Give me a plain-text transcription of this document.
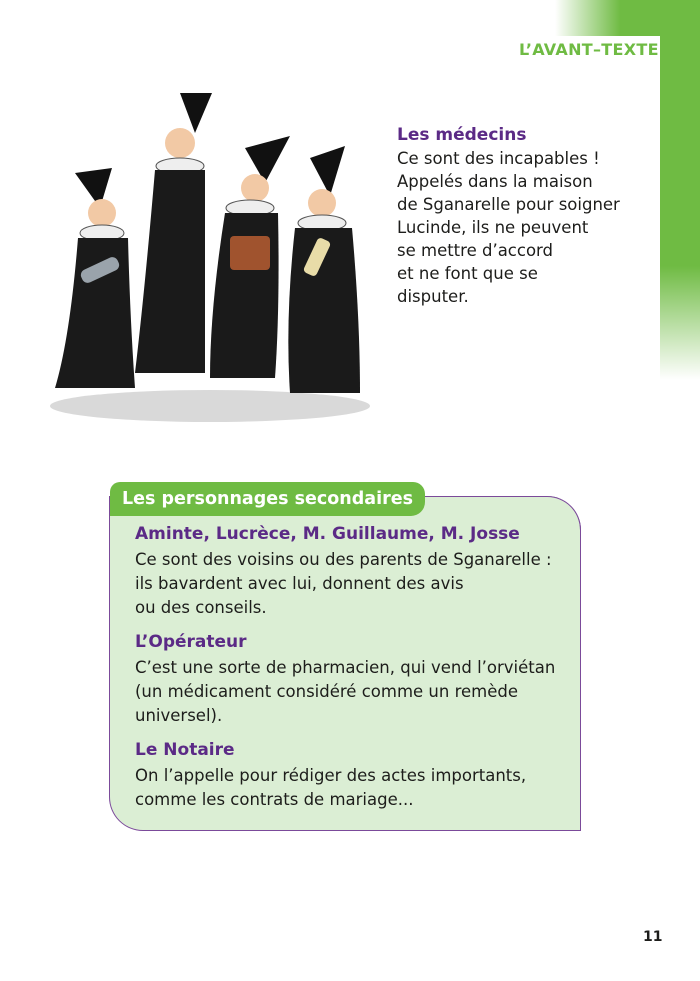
L’AVANT–TEXTE
Les médecins
Ce sont des incapables !
Appelés dans la maison
de Sganarelle pour soigner
Lucinde, ils ne peuvent
se mettre d’accord
et ne font que se
disputer.
Les personnages secondaires
Aminte, Lucrèce, M. Guillaume, M. Josse

Ce sont des voisins ou des parents de Sganarelle :

ils bavardent avec lui, donnent des avis

ou des conseils.

L’Opérateur

C’est une sorte de pharmacien, qui vend l’orviétan

(un médicament considéré comme un remède

universel).

Le Notaire

On l’appelle pour rédiger des actes importants,

comme les contrats de mariage...

11
